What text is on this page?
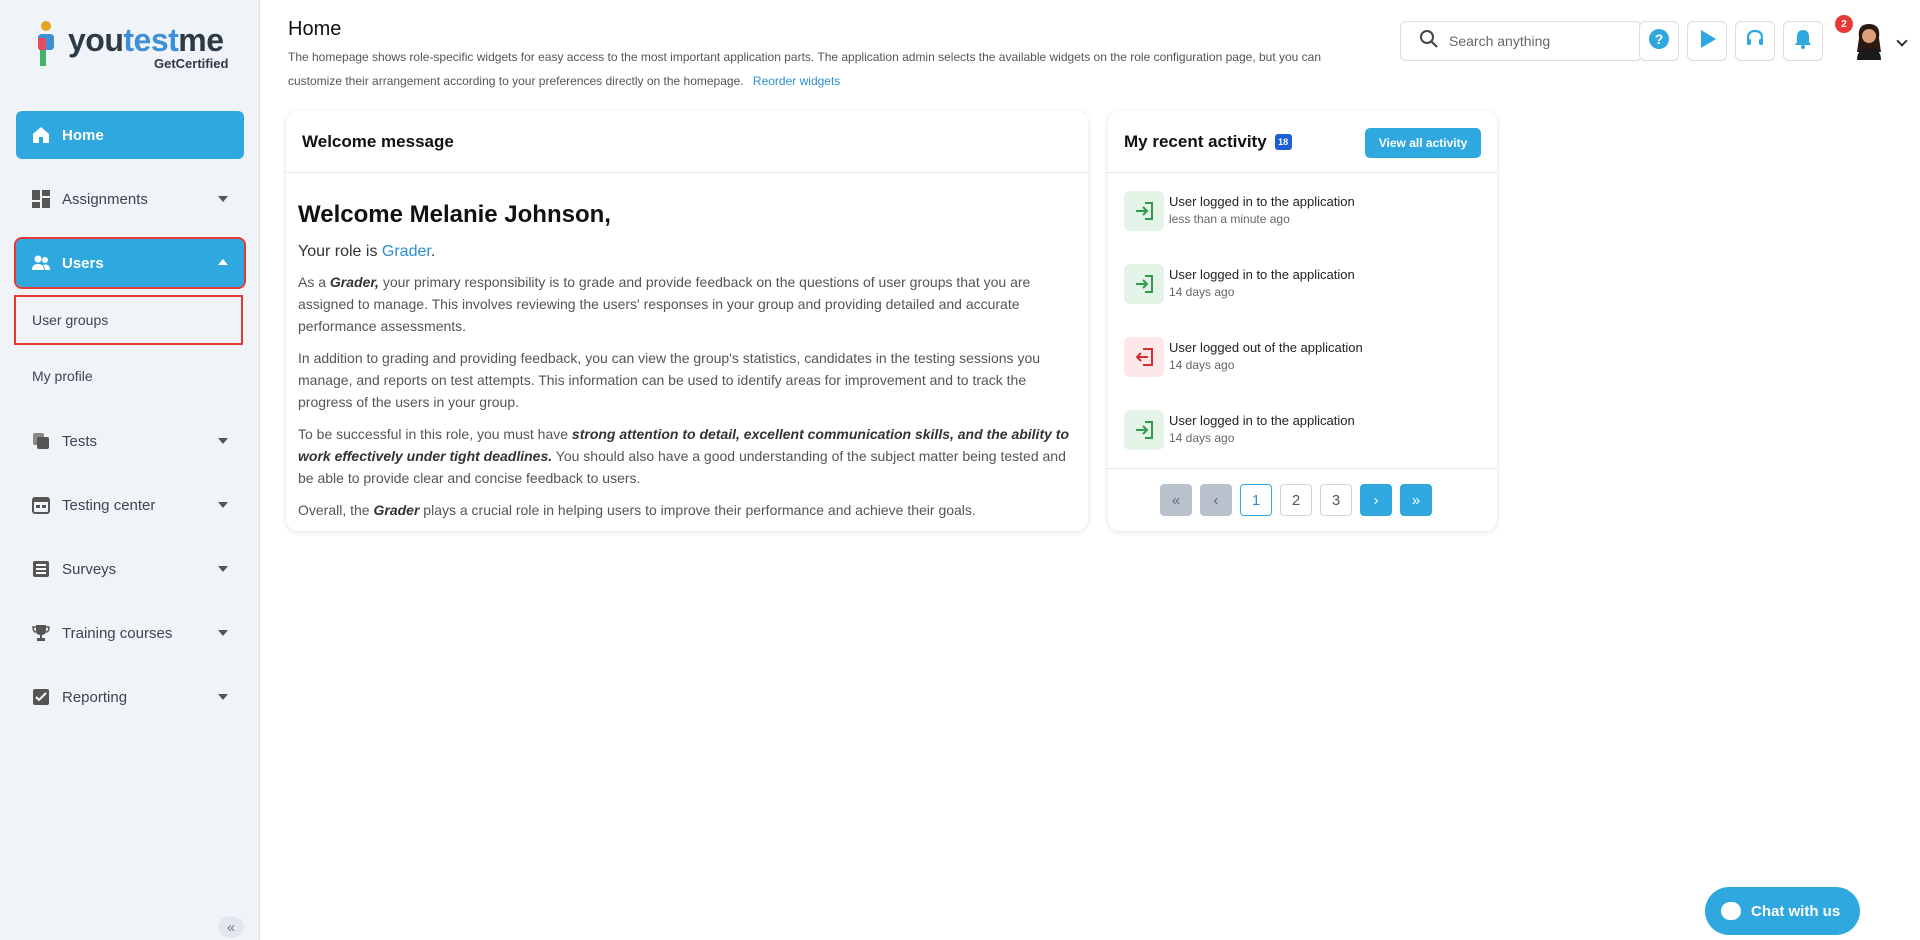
youtestme
GetCertified
Home
Assignments
Users
User groups
My profile
Tests
Testing center
Surveys
Training courses
Reporting
«
Home
The homepage shows role-specific widgets for easy access to the most important application parts. The application admin selects the available widgets on the role configuration page, but you can customize their arrangement according to your preferences directly on the homepage. Reorder widgets
Search anything	?
2
Welcome message
Welcome Melanie Johnson,
Your role is Grader.

As a Grader, your primary responsibility is to grade and provide feedback on the questions of user groups that you are assigned to manage. This involves reviewing the users' responses in your group and providing detailed and accurate performance assessments.

In addition to grading and providing feedback, you can view the group's statistics, candidates in the testing sessions you manage, and reports on test attempts. This information can be used to identify areas for improvement and to track the progress of the users in your group.

To be successful in this role, you must have strong attention to detail, excellent communication skills, and the ability to work effectively under tight deadlines. You should also have a good understanding of the subject matter being tested and be able to provide clear and concise feedback to users.

Overall, the Grader plays a crucial role in helping users to improve their performance and achieve their goals.

My recent activity	18	View all activity
User logged in to the application
less than a minute ago
User logged in to the application
14 days ago
User logged out of the application
14 days ago
User logged in to the application
14 days ago
«	‹	1	2	3	›	»
Chat with us
